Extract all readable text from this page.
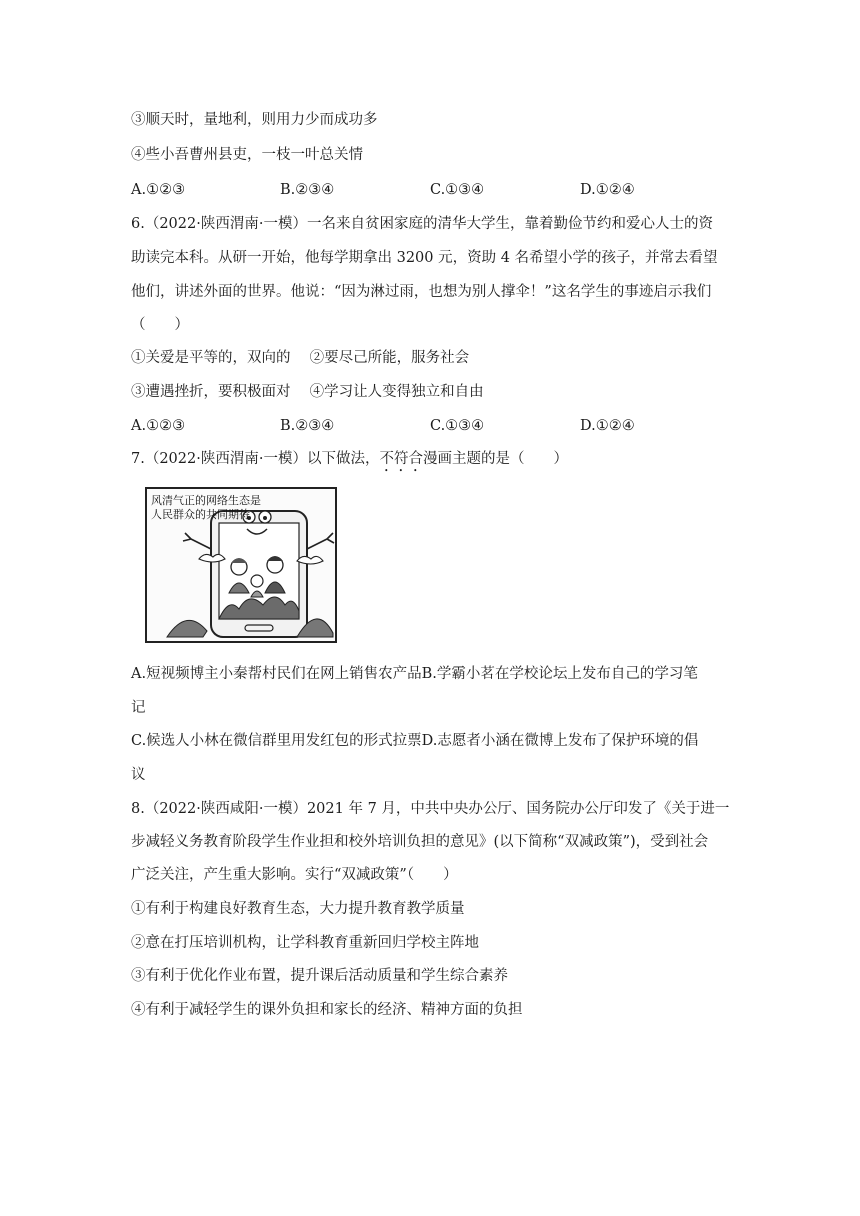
③顺天时，量地利，则用力少而成功多
④些小吾曹州县吏，一枝一叶总关情
A.①②③	B.②③④	C.①③④	D.①②④
6.（2022·陕西渭南·一模）一名来自贫困家庭的清华大学生，靠着勤俭节约和爱心人士的资
助读完本科。从研一开始，他每学期拿出 3200 元，资助 4 名希望小学的孩子，并常去看望
他们，讲述外面的世界。他说：“因为淋过雨，也想为别人撑伞！”这名学生的事迹启示我们
（　　）
①关爱是平等的，双向的　 ②要尽己所能，服务社会
③遭遇挫折，要积极面对　 ④学习让人变得独立和自由
A.①②③	B.②③④	C.①③④	D.①②④
7.（2022·陕西渭南·一模）以下做法，不符合漫画主题的是（　　）
风清气正的网络生态是
人民群众的共同期待
A.短视频博主小秦帮村民们在网上销售农产品B.学霸小茗在学校论坛上发布自己的学习笔
记
C.候选人小林在微信群里用发红包的形式拉票D.志愿者小涵在微博上发布了保护环境的倡
议
8.（2022·陕西咸阳·一模）2021 年 7 月，中共中央办公厅、国务院办公厅印发了《关于进一
步减轻义务教育阶段学生作业担和校外培训负担的意见》(以下简称“双减政策”)，受到社会
广泛关注，产生重大影响。实行“双减政策”（　　）
①有利于构建良好教育生态，大力提升教育教学质量
②意在打压培训机构，让学科教育重新回归学校主阵地
③有利于优化作业布置，提升课后活动质量和学生综合素养
④有利于减轻学生的课外负担和家长的经济、精神方面的负担
